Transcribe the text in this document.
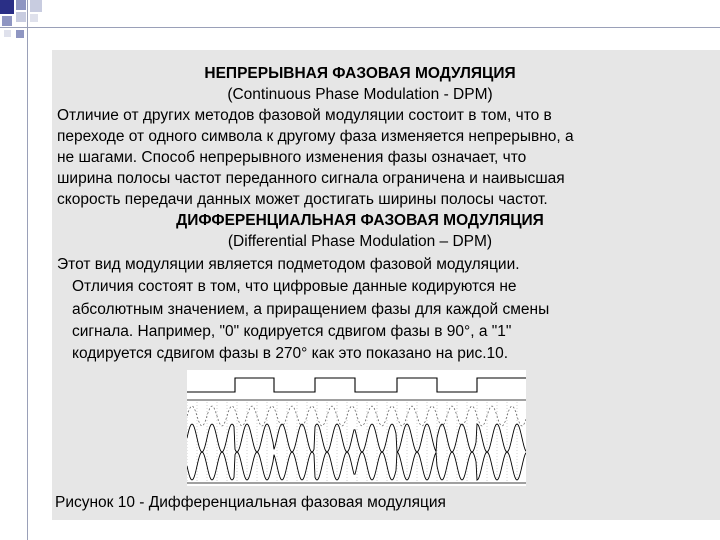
НЕПРЕРЫВНАЯ ФАЗОВАЯ МОДУЛЯЦИЯ
(Continuous Phase Modulation - DPM)
Отличие от других методов фазовой модуляции состоит в том, что в
переходе от одного символа к другому фаза изменяется непрерывно, а
не шагами. Способ непрерывного изменения фазы означает, что
ширина полосы частот переданного сигнала ограничена и наивысшая
скорость передачи данных может достигать ширины полосы частот.
ДИФФЕРЕНЦИАЛЬНАЯ ФАЗОВАЯ МОДУЛЯЦИЯ
(Differential Phase Modulation – DPM)
Этот вид модуляции является подметодом фазовой модуляции.
Отличия состоят в том, что цифровые данные кодируются не
абсолютным значением, а приращением фазы для каждой смены
сигнала. Например, "0" кодируется сдвигом фазы в 90°, а "1"
кодируется сдвигом фазы в 270° как это показано на рис.10.
Рисунок 10 - Дифференциальная фазовая модуляция
